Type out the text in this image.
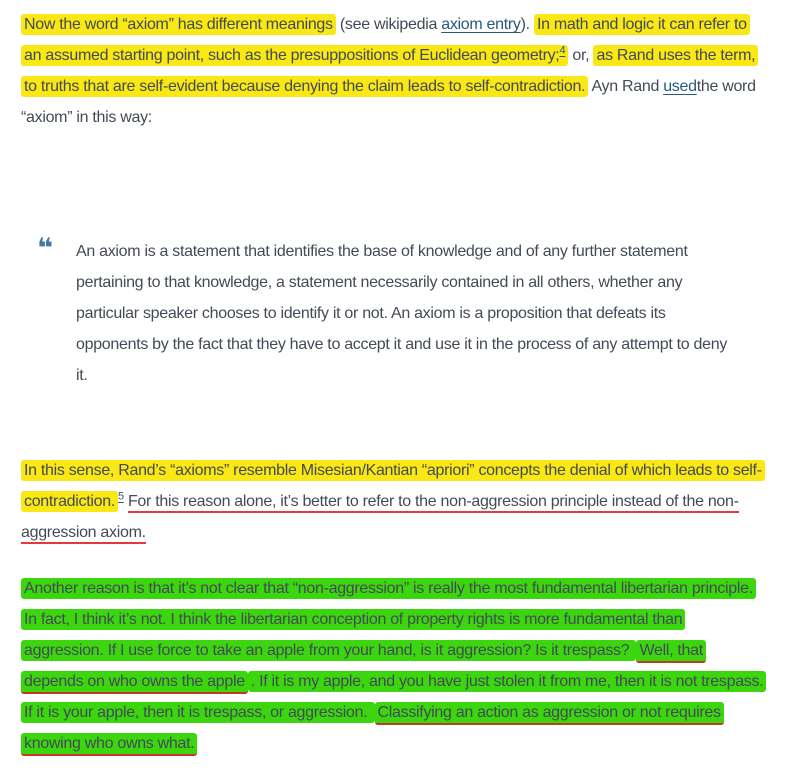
Now the word “axiom” has different meanings (see wikipedia axiom entry). In math and logic it can refer to an assumed starting point, such as the presuppositions of Euclidean geometry;$^4$ or, as Rand uses the term, to truths that are self-evident because denying the claim leads to self-contradiction. Ayn Rand usedthe word “axiom” in this way:

❝ An axiom is a statement that identifies the base of knowledge and of any further statement pertaining to that knowledge, a statement necessarily contained in all others, whether any particular speaker chooses to identify it or not. An axiom is a proposition that defeats its opponents by the fact that they have to accept it and use it in the process of any attempt to deny it.

In this sense, Rand’s “axioms” resemble Misesian/Kantian “apriori” concepts the denial of which leads to self-contradiction. $^5$ For this reason alone, it’s better to refer to the non-aggression principle instead of the non-aggression axiom.

Another reason is that it’s not clear that “non-aggression” is really the most fundamental libertarian principle. In fact, I think it’s not. I think the libertarian conception of property rights is more fundamental than aggression. If I use force to take an apple from your hand, is it aggression? Is it trespass? Well, that depends on who owns the apple . If it is my apple, and you have just stolen it from me, then it is not trespass. If it is your apple, then it is trespass, or aggression. Classifying an action as aggression or not requires knowing who owns what.
